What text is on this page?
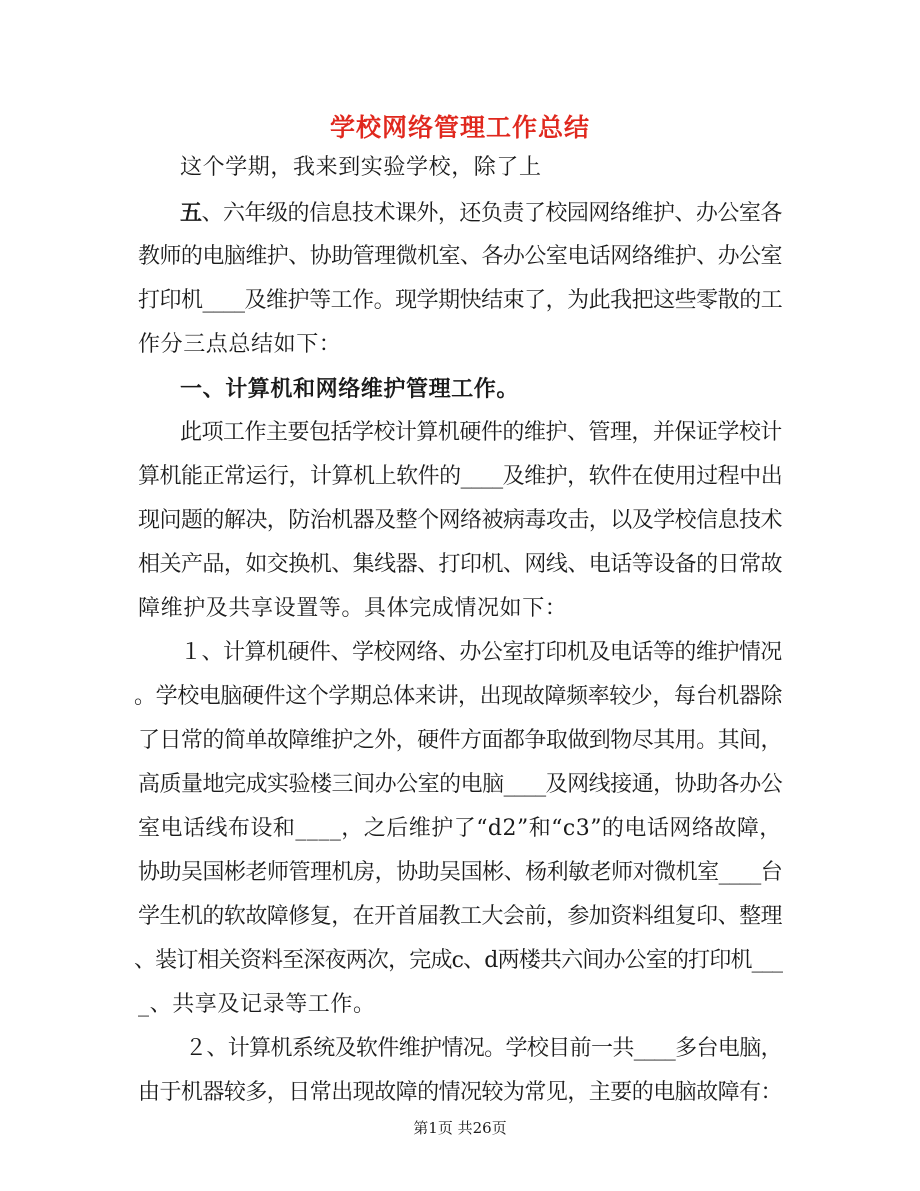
学校网络管理工作总结

这个学期，我来到实验学校，除了上

五、六年级的信息技术课外，还负责了校园网络维护、办公室各

教师的电脑维护、协助管理微机室、各办公室电话网络维护、办公室

打印机____及维护等工作。现学期快结束了，为此我把这些零散的工

作分三点总结如下：

一、计算机和网络维护管理工作。

此项工作主要包括学校计算机硬件的维护、管理，并保证学校计

算机能正常运行，计算机上软件的____及维护，软件在使用过程中出

现问题的解决，防治机器及整个网络被病毒攻击，以及学校信息技术

相关产品，如交换机、集线器、打印机、网线、电话等设备的日常故

障维护及共享设置等。具体完成情况如下：

１、计算机硬件、学校网络、办公室打印机及电话等的维护情况

。学校电脑硬件这个学期总体来讲，出现故障频率较少，每台机器除

了日常的简单故障维护之外，硬件方面都争取做到物尽其用。其间，

高质量地完成实验楼三间办公室的电脑____及网线接通，协助各办公

室电话线布设和____，之后维护了“d2”和“c3”的电话网络故障，

协助吴国彬老师管理机房，协助吴国彬、杨利敏老师对微机室____台

学生机的软故障修复，在开首届教工大会前，参加资料组复印、整理

、装订相关资料至深夜两次，完成c、d两楼共六间办公室的打印机___

_、共享及记录等工作。

２、计算机系统及软件维护情况。学校目前一共____多台电脑，

由于机器较多，日常出现故障的情况较为常见，主要的电脑故障有：

第1页 共26页
